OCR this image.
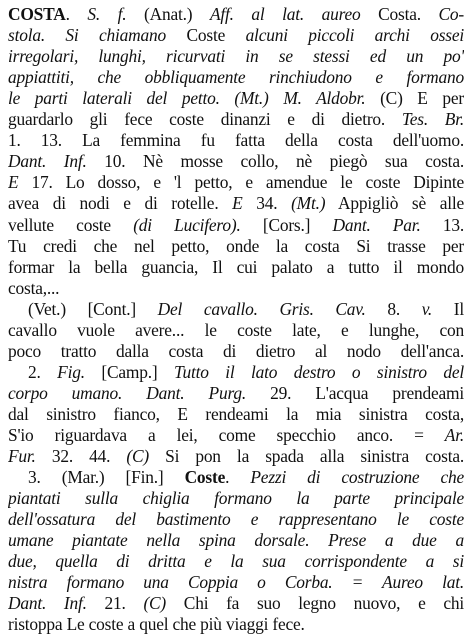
COSTA. S. f. (Anat.) Aff. al lat. aureo Costa. Co-
stola. Si chiamano Coste alcuni piccoli archi ossei
irregolari, lunghi, ricurvati in se stessi ed un po'
appiattiti, che obbliquamente rinchiudono e formano
le parti laterali del petto. (Mt.) M. Aldobr. (C) E per
guardarlo gli fece coste dinanzi e di dietro. Tes. Br.
1. 13. La femmina fu fatta della costa dell'uomo.
Dant. Inf. 10. Nè mosse collo, nè piegò sua costa.
E 17. Lo dosso, e 'l petto, e amendue le coste Dipinte
avea di nodi e di rotelle. E 34. (Mt.) Appigliò sè alle
vellute coste (di Lucifero). [Cors.] Dant. Par. 13.
Tu credi che nel petto, onde la costa Si trasse per
formar la bella guancia, Il cui palato a tutto il mondo
costa,...
(Vet.) [Cont.] Del cavallo. Gris. Cav. 8. v. Il
cavallo vuole avere... le coste late, e lunghe, con
poco tratto dalla costa di dietro al nodo dell'anca.
2. Fig. [Camp.] Tutto il lato destro o sinistro del
corpo umano. Dant. Purg. 29. L'acqua prendeami
dal sinistro fianco, E rendeami la mia sinistra costa,
S'io riguardava a lei, come specchio anco. = Ar.
Fur. 32. 44. (C) Si pon la spada alla sinistra costa.
3. (Mar.) [Fin.] Coste. Pezzi di costruzione che
piantati sulla chiglia formano la parte principale
dell'ossatura del bastimento e rappresentano le coste
umane piantate nella spina dorsale. Prese a due a
due, quella di dritta e la sua corrispondente a si
nistra formano una Coppia o Corba. = Aureo lat.
Dant. Inf. 21. (C) Chi fa suo legno nuovo, e chi
ristoppa Le coste a quel che più viaggi fece.
